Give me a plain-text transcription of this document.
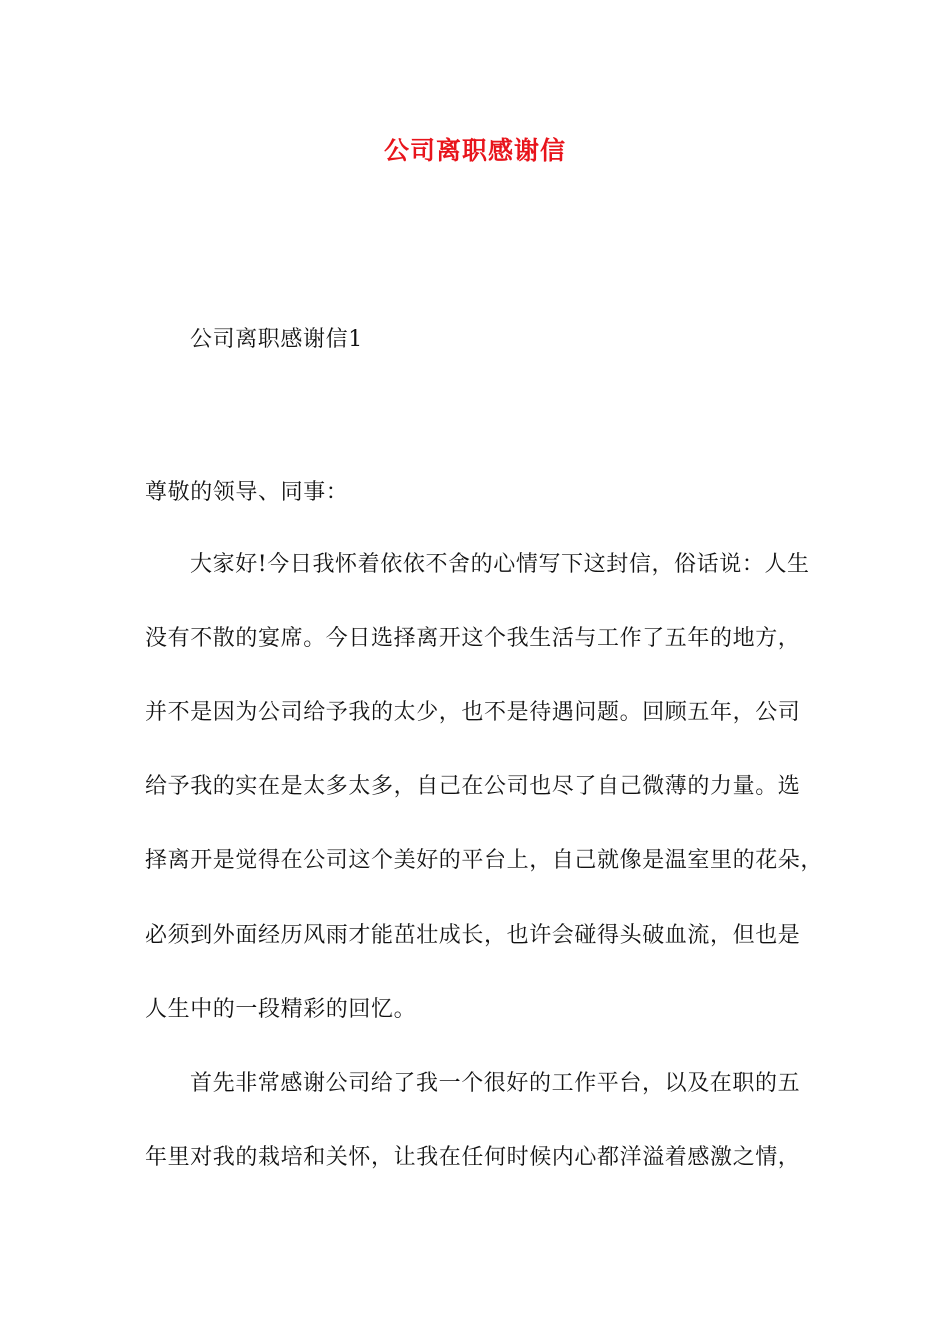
公司离职感谢信
公司离职感谢信1
尊敬的领导、同事：
大家好!今日我怀着依依不舍的心情写下这封信，俗话说：人生
没有不散的宴席。今日选择离开这个我生活与工作了五年的地方，
并不是因为公司给予我的太少，也不是待遇问题。回顾五年，公司
给予我的实在是太多太多，自己在公司也尽了自己微薄的力量。选
择离开是觉得在公司这个美好的平台上，自己就像是温室里的花朵，
必须到外面经历风雨才能茁壮成长，也许会碰得头破血流，但也是
人生中的一段精彩的回忆。
首先非常感谢公司给了我一个很好的工作平台，以及在职的五
年里对我的栽培和关怀，让我在任何时候内心都洋溢着感激之情，
